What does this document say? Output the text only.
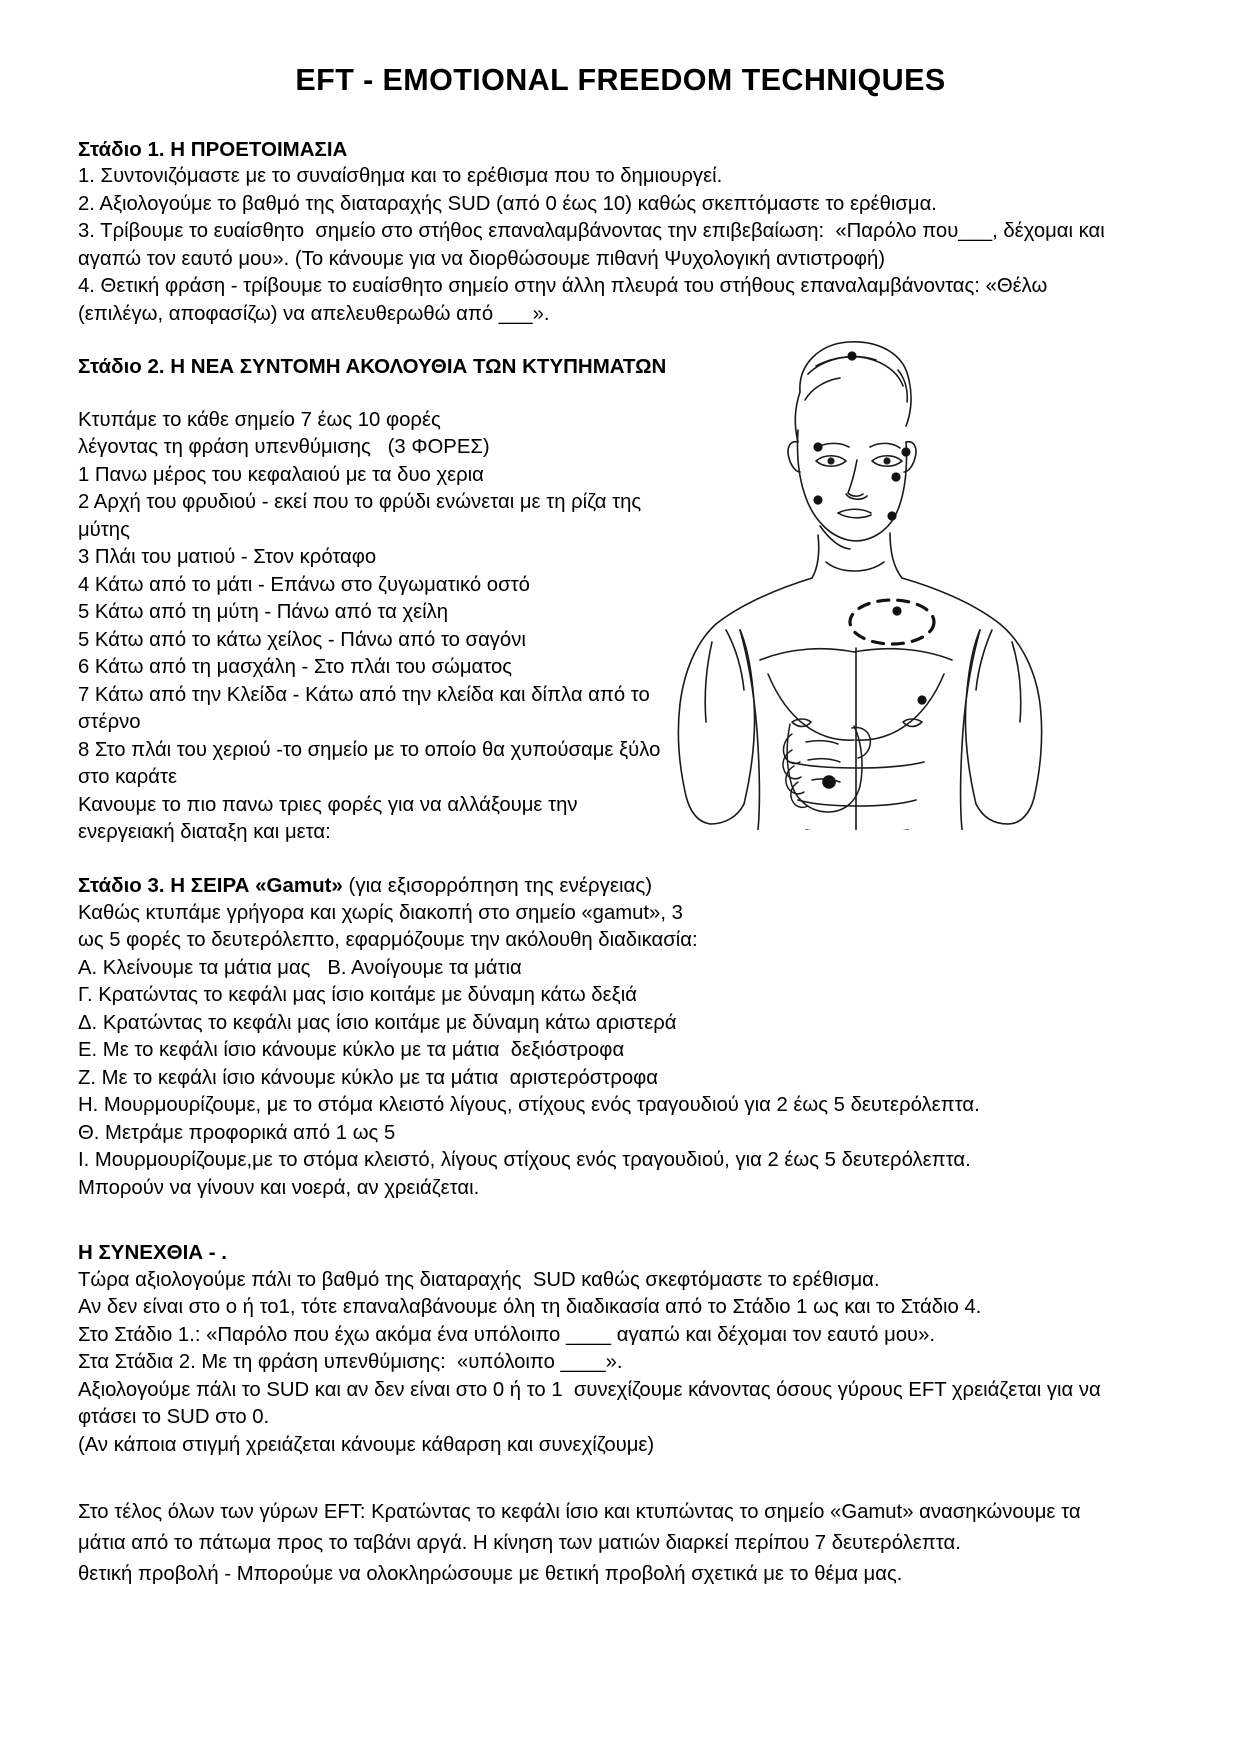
EFT - EMOTIONAL FREEDOM TECHNIQUES
Στάδιο 1. Η ΠΡΟΕΤΟΙΜΑΣΙΑ

1. Συντονιζόμαστε με το συναίσθημα και το ερέθισμα που το δημιουργεί.

2. Αξιολογούμε το βαθμό της διαταραχής SUD (από 0 έως 10) καθώς σκεπτόμαστε το ερέθισμα.

3. Τρίβουμε το ευαίσθητο  σημείο στο στήθος επαναλαμβάνοντας την επιβεβαίωση:  «Παρόλο που___, δέχομαι και αγαπώ τον εαυτό μου». (Το κάνουμε για να διορθώσουμε πιθανή Ψυχολογική αντιστροφή)

4. Θετική φράση - τρίβουμε το ευαίσθητο σημείο στην άλλη πλευρά του στήθους επαναλαμβάνοντας: «Θέλω (επιλέγω, αποφασίζω) να απελευθερωθώ από ___».

Στάδιο 2. Η ΝΕΑ ΣΥΝΤΟΜΗ ΑΚΟΛΟΥΘΙΑ ΤΩΝ ΚΤΥΠΗΜΑΤΩΝ

Κτυπάμε το κάθε σημείο 7 έως 10 φορές

λέγοντας τη φράση υπενθύμισης   (3 ΦΟΡΕΣ)

1 Πανω μέρος του κεφαλαιού με τα δυο χερια

2 Αρχή του φρυδιού - εκεί που το φρύδι ενώνεται με τη ρίζα της μύτης

3 Πλάι του ματιού - Στον κρόταφο

4 Κάτω από το μάτι - Επάνω στο ζυγωματικό οστό

5 Κάτω από τη μύτη - Πάνω από τα χείλη

5 Κάτω από το κάτω χείλος - Πάνω από το σαγόνι

6 Κάτω από τη μασχάλη - Στο πλάι του σώματος

7 Κάτω από την Κλείδα - Κάτω από την κλείδα και δίπλα από το στέρνο

8 Στο πλάι του χεριού -το σημείο με το οποίο θα χυπούσαμε ξύλο στο καράτε

Κανουμε το πιο πανω τριες φορές για να αλλάξουμε την

ενεργειακή διαταξη και μετα:

Στάδιο 3. Η ΣΕΙΡΑ «Gamut» (για εξισορρόπηση της ενέργειας)

Καθώς κτυπάμε γρήγορα και χωρίς διακοπή στο σημείο «gamut», 3

ως 5 φορές το δευτερόλεπτο, εφαρμόζουμε την ακόλουθη διαδικασία:

Α. Κλείνουμε τα μάτια μας   Β. Ανοίγουμε τα μάτια

Γ. Κρατώντας το κεφάλι μας ίσιο κοιτάμε με δύναμη κάτω δεξιά

Δ. Κρατώντας το κεφάλι μας ίσιο κοιτάμε με δύναμη κάτω αριστερά

Ε. Με το κεφάλι ίσιο κάνουμε κύκλο με τα μάτια  δεξιόστροφα

Ζ. Με το κεφάλι ίσιο κάνουμε κύκλο με τα μάτια  αριστερόστροφα

Η. Μουρμουρίζουμε, με το στόμα κλειστό λίγους, στίχους ενός τραγουδιού για 2 έως 5 δευτερόλεπτα.

Θ. Μετράμε προφορικά από 1 ως 5

Ι. Μουρμουρίζουμε,με το στόμα κλειστό, λίγους στίχους ενός τραγουδιού, για 2 έως 5 δευτερόλεπτα.

Μπορούν να γίνουν και νοερά, αν χρειάζεται.

Η ΣΥΝΕΧΘΙΑ - .

Τώρα αξιολογούμε πάλι το βαθμό της διαταραχής  SUD καθώς σκεφτόμαστε το ερέθισμα.

Αν δεν είναι στο ο ή το1, τότε επαναλαβάνουμε όλη τη διαδικασία από το Στάδιο 1 ως και το Στάδιο 4.

Στο Στάδιο 1.: «Παρόλο που έχω ακόμα ένα υπόλοιπο ____ αγαπώ και δέχομαι τον εαυτό μου».

Στα Στάδια 2. Με τη φράση υπενθύμισης:  «υπόλοιπο ____».

Αξιολογούμε πάλι το SUD και αν δεν είναι στο 0 ή το 1  συνεχίζουμε κάνοντας όσους γύρους EFT χρειάζεται για να φτάσει το SUD στο 0.

(Αν κάποια στιγμή χρειάζεται κάνουμε κάθαρση και συνεχίζουμε)

Στο τέλος όλων των γύρων EFT: Κρατώντας το κεφάλι ίσιο και κτυπώντας το σημείο «Gamut» ανασηκώνουμε τα μάτια από το πάτωμα προς το ταβάνι αργά. Η κίνηση των ματιών διαρκεί περίπου 7 δευτερόλεπτα.

θετική προβολή - Μπορούμε να ολοκληρώσουμε με θετική προβολή σχετικά με το θέμα μας.
